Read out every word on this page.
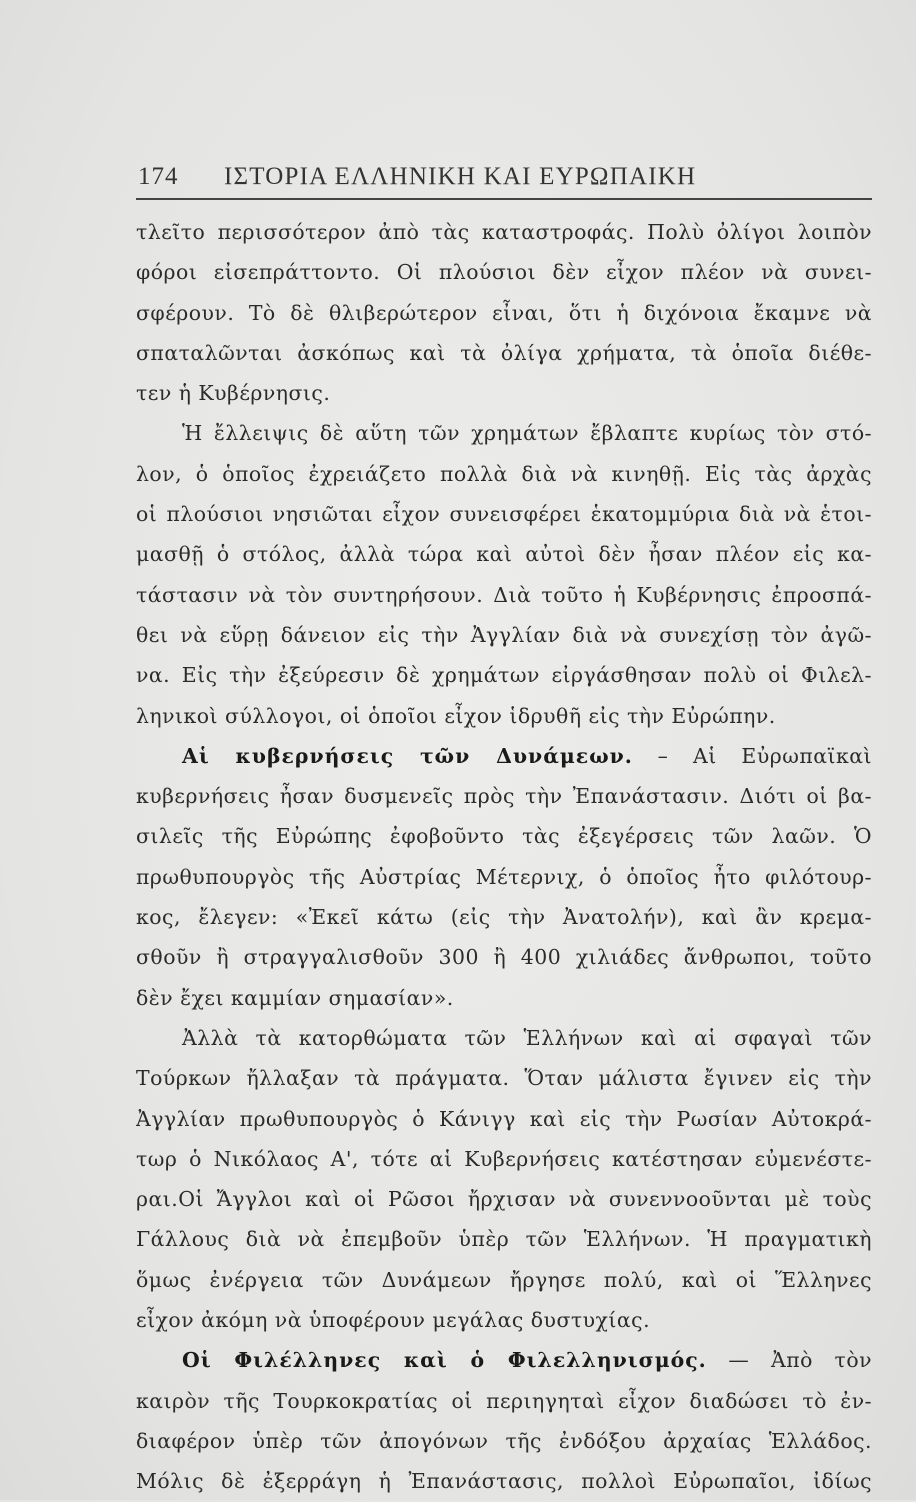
174 ΙΣΤΟΡΙΑ ΕΛΛΗΝΙΚΗ ΚΑΙ ΕΥΡΩΠΑΙΚΗ
τλεῖτο περισσότερον ἀπὸ τὰς καταστροφάς. Πολὺ ὀλίγοι λοιπὸν
φόροι εἰσεπράττοντο. Οἱ πλούσιοι δὲν εἶχον πλέον νὰ συνει-
σφέρουν. Τὸ δὲ θλιβερώτερον εἶναι, ὅτι ἡ διχόνοια ἔκαμνε νὰ
σπαταλῶνται ἀσκόπως καὶ τὰ ὀλίγα χρήματα, τὰ ὁποῖα διέθε-
τεν ἡ Κυβέρνησις.
Ἡ ἔλλειψις δὲ αὕτη τῶν χρημάτων ἔβλαπτε κυρίως τὸν στό-
λον, ὁ ὁποῖος ἐχρειάζετο πολλὰ διὰ νὰ κινηθῇ. Εἰς τὰς ἀρχὰς
οἱ πλούσιοι νησιῶται εἶχον συνεισφέρει ἑκατομμύρια διὰ νὰ ἑτοι-
μασθῇ ὁ στόλος, ἀλλὰ τώρα καὶ αὐτοὶ δὲν ἦσαν πλέον εἰς κα-
τάστασιν νὰ τὸν συντηρήσουν. Διὰ τοῦτο ἡ Κυβέρνησις ἐπροσπά-
θει νὰ εὕρῃ δάνειον εἰς τὴν Ἀγγλίαν διὰ νὰ συνεχίσῃ τὸν ἀγῶ-
να. Εἰς τὴν ἐξεύρεσιν δὲ χρημάτων εἰργάσθησαν πολὺ οἱ Φιλελ-
ληνικοὶ σύλλογοι, οἱ ὁποῖοι εἶχον ἱδρυθῆ εἰς τὴν Εὐρώπην.
Αἱ κυβερνήσεις τῶν Δυνάμεων. – Αἱ Εὐρωπαϊκαὶ
κυβερνήσεις ἦσαν δυσμενεῖς πρὸς τὴν Ἐπανάστασιν. Διότι οἱ βα-
σιλεῖς τῆς Εὐρώπης ἐφοβοῦντο τὰς ἐξεγέρσεις τῶν λαῶν. Ὁ
πρωθυπουργὸς τῆς Αὐστρίας Μέτερνιχ, ὁ ὁποῖος ἦτο φιλότουρ-
κος, ἔλεγεν: «Ἐκεῖ κάτω (εἰς τὴν Ἀνατολήν), καὶ ἂν κρεμα-
σθοῦν ἢ στραγγαλισθοῦν 300 ἢ 400 χιλιάδες ἄνθρωποι, τοῦτο
δὲν ἔχει καμμίαν σημασίαν».
Ἀλλὰ τὰ κατορθώματα τῶν Ἑλλήνων καὶ αἱ σφαγαὶ τῶν
Τούρκων ἤλλαξαν τὰ πράγματα. Ὅταν μάλιστα ἔγινεν εἰς τὴν
Ἀγγλίαν πρωθυπουργὸς ὁ Κάνιγγ καὶ εἰς τὴν Ρωσίαν Αὐτοκρά-
τωρ ὁ Νικόλαος Α', τότε αἱ Κυβερνήσεις κατέστησαν εὐμενέστε-
ραι.Οἱ Ἄγγλοι καὶ οἱ Ρῶσοι ἤρχισαν νὰ συνεννοοῦνται μὲ τοὺς
Γάλλους διὰ νὰ ἐπεμβοῦν ὑπὲρ τῶν Ἑλλήνων. Ἡ πραγματικὴ
ὅμως ἐνέργεια τῶν Δυνάμεων ἤργησε πολύ, καὶ οἱ Ἕλληνες
εἶχον ἀκόμη νὰ ὑποφέρουν μεγάλας δυστυχίας.
Οἱ Φιλέλληνες καὶ ὁ Φιλελληνισμός. — Ἀπὸ τὸν
καιρὸν τῆς Τουρκοκρατίας οἱ περιηγηταὶ εἶχον διαδώσει τὸ ἐν-
διαφέρον ὑπὲρ τῶν ἀπογόνων τῆς ἐνδόξου ἀρχαίας Ἑλλάδος.
Μόλις δὲ ἐξερράγη ἡ Ἐπανάστασις, πολλοὶ Εὐρωπαῖοι, ἰδίως
